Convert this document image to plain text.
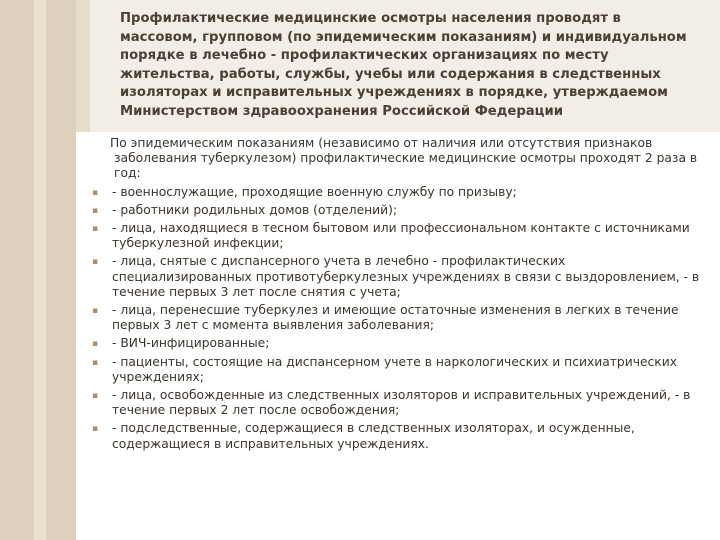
Профилактические медицинские осмотры населения проводят в массовом, групповом (по эпидемическим показаниям) и индивидуальном порядке в лечебно - профилактических организациях по месту жительства, работы, службы, учебы или содержания в следственных изоляторах и исправительных учреждениях в порядке, утверждаемом Министерством здравоохранения Российской Федерации

По эпидемическим показаниям (независимо от наличия или отсутствия признаков заболевания туберкулезом) профилактические медицинские осмотры проходят 2 раза в год:

▪ - военнослужащие, проходящие военную службу по призыву;
▪ - работники родильных домов (отделений);
▪ - лица, находящиеся в тесном бытовом или профессиональном контакте с источниками туберкулезной инфекции;
▪ - лица, снятые с диспансерного учета в лечебно - профилактических специализированных противотуберкулезных учреждениях в связи с выздоровлением, - в течение первых 3 лет после снятия с учета;
▪ - лица, перенесшие туберкулез и имеющие остаточные изменения в легких в течение первых 3 лет с момента выявления заболевания;
▪ - ВИЧ-инфицированные;
▪ - пациенты, состоящие на диспансерном учете в наркологических и психиатрических учреждениях;
▪ - лица, освобожденные из следственных изоляторов и исправительных учреждений, - в течение первых 2 лет после освобождения;
▪ - подследственные, содержащиеся в следственных изоляторах, и осужденные, содержащиеся в исправительных учреждениях.
